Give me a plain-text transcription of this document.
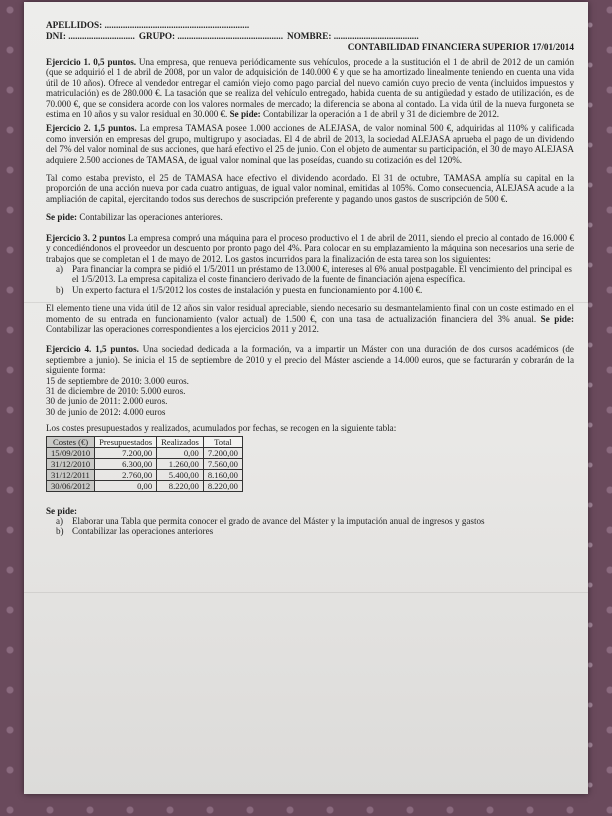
APELLIDOS: ...............................................................
DNI: ............................. GRUPO: .............................................. NOMBRE: .....................................
CONTABILIDAD FINANCIERA SUPERIOR 17/01/2014

Ejercicio 1. 0,5 puntos. Una empresa, que renueva periódicamente sus vehículos, procede a la sustitución el 1 de abril de 2012 de un camión (que se adquirió el 1 de abril de 2008, por un valor de adquisición de 140.000 € y que se ha amortizado linealmente teniendo en cuenta una vida útil de 10 años). Ofrece al vendedor entregar el camión viejo como pago parcial del nuevo camión cuyo precio de venta (incluidos impuestos y matriculación) es de 280.000 €. La tasación que se realiza del vehículo entregado, habida cuenta de su antigüedad y estado de utilización, es de 70.000 €, que se considera acorde con los valores normales de mercado; la diferencia se abona al contado. La vida útil de la nueva furgoneta se estima en 10 años y su valor residual en 30.000 €. Se pide: Contabilizar la operación a 1 de abril y 31 de diciembre de 2012.

Ejercicio 2. 1,5 puntos. La empresa TAMASA posee 1.000 acciones de ALEJASA, de valor nominal 500 €, adquiridas al 110% y calificada como inversión en empresas del grupo, multigrupo y asociadas. El 4 de abril de 2013, la sociedad ALEJASA aprueba el pago de un dividendo del 7% del valor nominal de sus acciones, que hará efectivo el 25 de junio. Con el objeto de aumentar su participación, el 30 de mayo ALEJASA adquiere 2.500 acciones de TAMASA, de igual valor nominal que las poseídas, cuando su cotización es del 120%.

Tal como estaba previsto, el 25 de TAMASA hace efectivo el dividendo acordado. El 31 de octubre, TAMASA amplía su capital en la proporción de una acción nueva por cada cuatro antiguas, de igual valor nominal, emitidas al 105%. Como consecuencia, ALEJASA acude a la ampliación de capital, ejercitando todos sus derechos de suscripción preferente y pagando unos gastos de suscripción de 500 €.

Se pide: Contabilizar las operaciones anteriores.

Ejercicio 3. 2 puntos La empresa compró una máquina para el proceso productivo el 1 de abril de 2011, siendo el precio al contado de 16.000 € y concediéndonos el proveedor un descuento por pronto pago del 4%. Para colocar en su emplazamiento la máquina son necesarios una serie de trabajos que se completan el 1 de mayo de 2012. Los gastos incurridos para la finalización de esta tarea son los siguientes:

a) Para financiar la compra se pidió el 1/5/2011 un préstamo de 13.000 €, intereses al 6% anual postpagable. El vencimiento del principal es el 1/5/2013. La empresa capitaliza el coste financiero derivado de la fuente de financiación ajena específica.
b) Un experto factura el 1/5/2012 los costes de instalación y puesta en funcionamiento por 4.100 €.

El elemento tiene una vida útil de 12 años sin valor residual apreciable, siendo necesario su desmantelamiento final con un coste estimado en el momento de su entrada en funcionamiento (valor actual) de 1.500 €, con una tasa de actualización financiera del 3% anual. Se pide: Contabilizar las operaciones correspondientes a los ejercicios 2011 y 2012.

Ejercicio 4. 1,5 puntos. Una sociedad dedicada a la formación, va a impartir un Máster con una duración de dos cursos académicos (de septiembre a junio). Se inicia el 15 de septiembre de 2010 y el precio del Máster asciende a 14.000 euros, que se facturarán y cobrarán de la siguiente forma:

15 de septiembre de 2010: 3.000 euros.

31 de diciembre de 2010: 5.000 euros.

30 de junio de 2011: 2.000 euros.

30 de junio de 2012: 4.000 euros

Los costes presupuestados y realizados, acumulados por fechas, se recogen en la siguiente tabla:

Costes (€)	Presupuestados	Realizados	Total
15/09/2010	7.200,00	0,00	7.200,00
31/12/2010	6.300,00	1.260,00	7.560,00
31/12/2011	2.760,00	5.400,00	8.160,00
30/06/2012	0,00	8.220,00	8.220,00

Se pide:

a) Elaborar una Tabla que permita conocer el grado de avance del Máster y la imputación anual de ingresos y gastos
b) Contabilizar las operaciones anteriores
